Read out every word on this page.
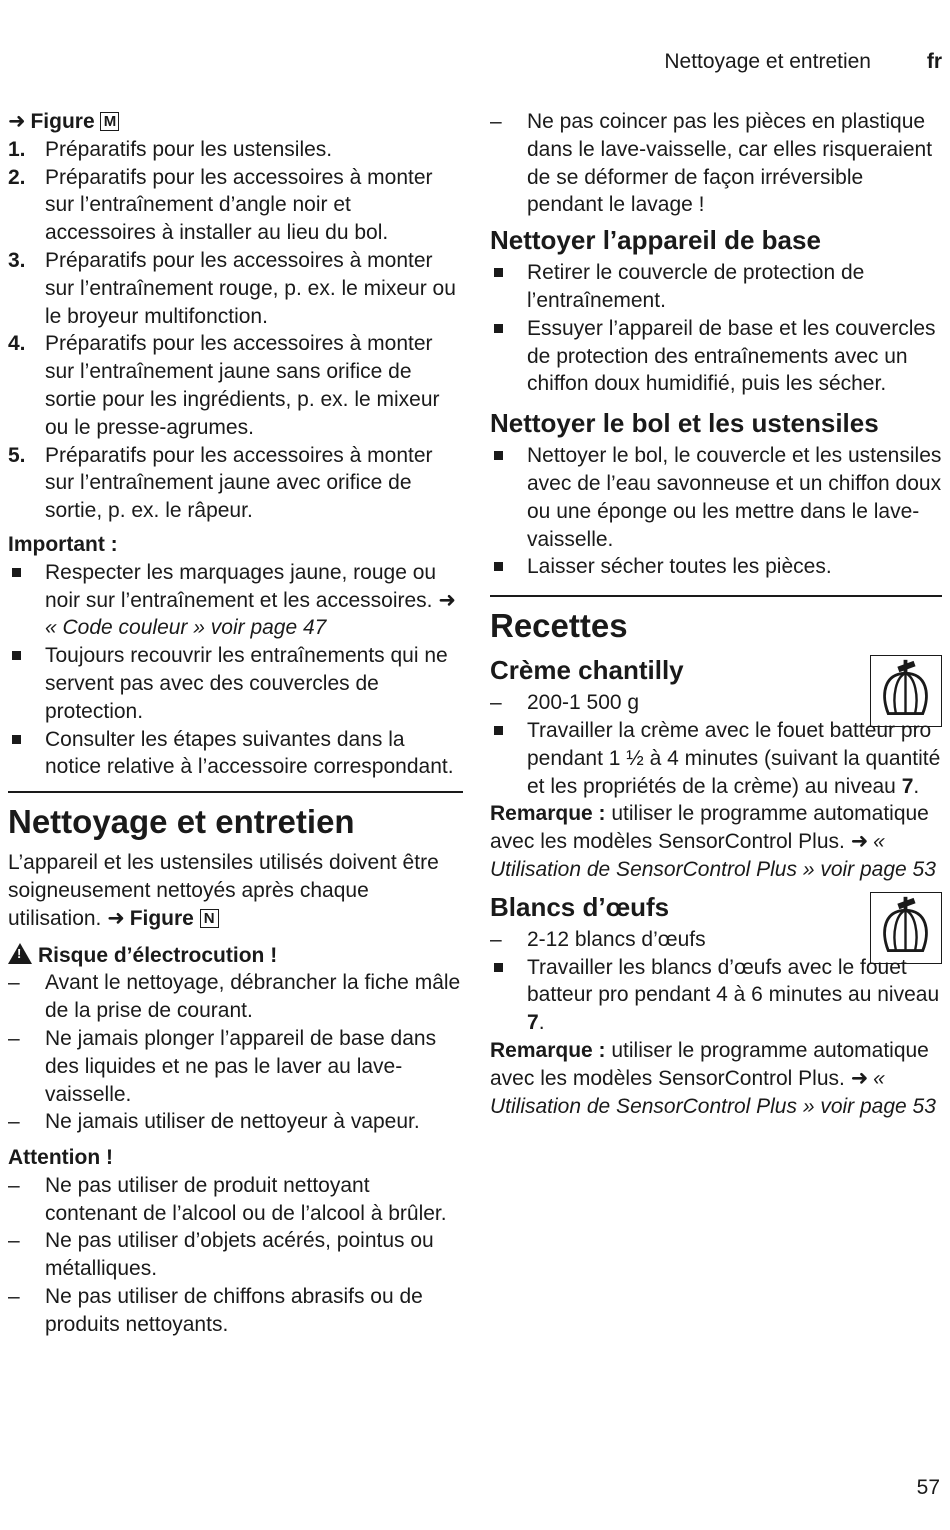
Nettoyage et entretien	fr
➜ Figure M
1. Préparatifs pour les ustensiles.
2. Préparatifs pour les accessoires à monter sur l’entraînement d’angle noir et accessoires à installer au lieu du bol.
3. Préparatifs pour les accessoires à monter sur l’entraînement rouge, p. ex. le mixeur ou le broyeur multifonction.
4. Préparatifs pour les accessoires à monter sur l’entraînement jaune sans orifice de sortie pour les ingrédients, p. ex. le mixeur ou le presse-agrumes.
5. Préparatifs pour les accessoires à monter sur l’entraînement jaune avec orifice de sortie, p. ex. le râpeur.
Important :
Respecter les marquages jaune, rouge ou noir sur l’entraînement et les accessoires. ➜ « Code couleur » voir page 47
Toujours recouvrir les entraînements qui ne servent pas avec des couvercles de protection.
Consulter les étapes suivantes dans la notice relative à l’accessoire correspondant.
Nettoyage et entretien
L’appareil et les ustensiles utilisés doivent être soigneusement nettoyés après chaque utilisation. ➜ Figure N
!Risque d’électrocution !
–	Avant le nettoyage, débrancher la fiche mâle de la prise de courant.
–	Ne jamais plonger l’appareil de base dans des liquides et ne pas le laver au lave-vaisselle.
–	Ne jamais utiliser de nettoyeur à vapeur.
Attention !
–	Ne pas utiliser de produit nettoyant contenant de l’alcool ou de l’alcool à brûler.
–	Ne pas utiliser d’objets acérés, pointus ou métalliques.
–	Ne pas utiliser de chiffons abrasifs ou de produits nettoyants.
–	Ne pas coincer pas les pièces en plastique dans le lave-vaisselle, car elles risqueraient de se déformer de façon irréversible pendant le lavage !
Nettoyer l’appareil de base
Retirer le couvercle de protection de l’entraînement.
Essuyer l’appareil de base et les couvercles de protection des entraînements avec un chiffon doux humidifié, puis les sécher.
Nettoyer le bol et les ustensiles
Nettoyer le bol, le couvercle et les ustensiles avec de l’eau savonneuse et un chiffon doux ou une éponge ou les mettre dans le lave-vaisselle.
Laisser sécher toutes les pièces.
Recettes
Crème chantilly
–	200-1 500 g
Travailler la crème avec le fouet batteur pro pendant 1 ½ à 4 minutes (suivant la quantité et les propriétés de la crème) au niveau 7.
Remarque : utiliser le programme automatique avec les modèles SensorControl Plus. ➜ « Utilisation de SensorControl Plus » voir page 53
Blancs d’œufs
–	2-12 blancs d’œufs
Travailler les blancs d’œufs avec le fouet batteur pro pendant 4 à 6 minutes au niveau 7.
Remarque : utiliser le programme automatique avec les modèles SensorControl Plus. ➜ « Utilisation de SensorControl Plus » voir page 53
57
